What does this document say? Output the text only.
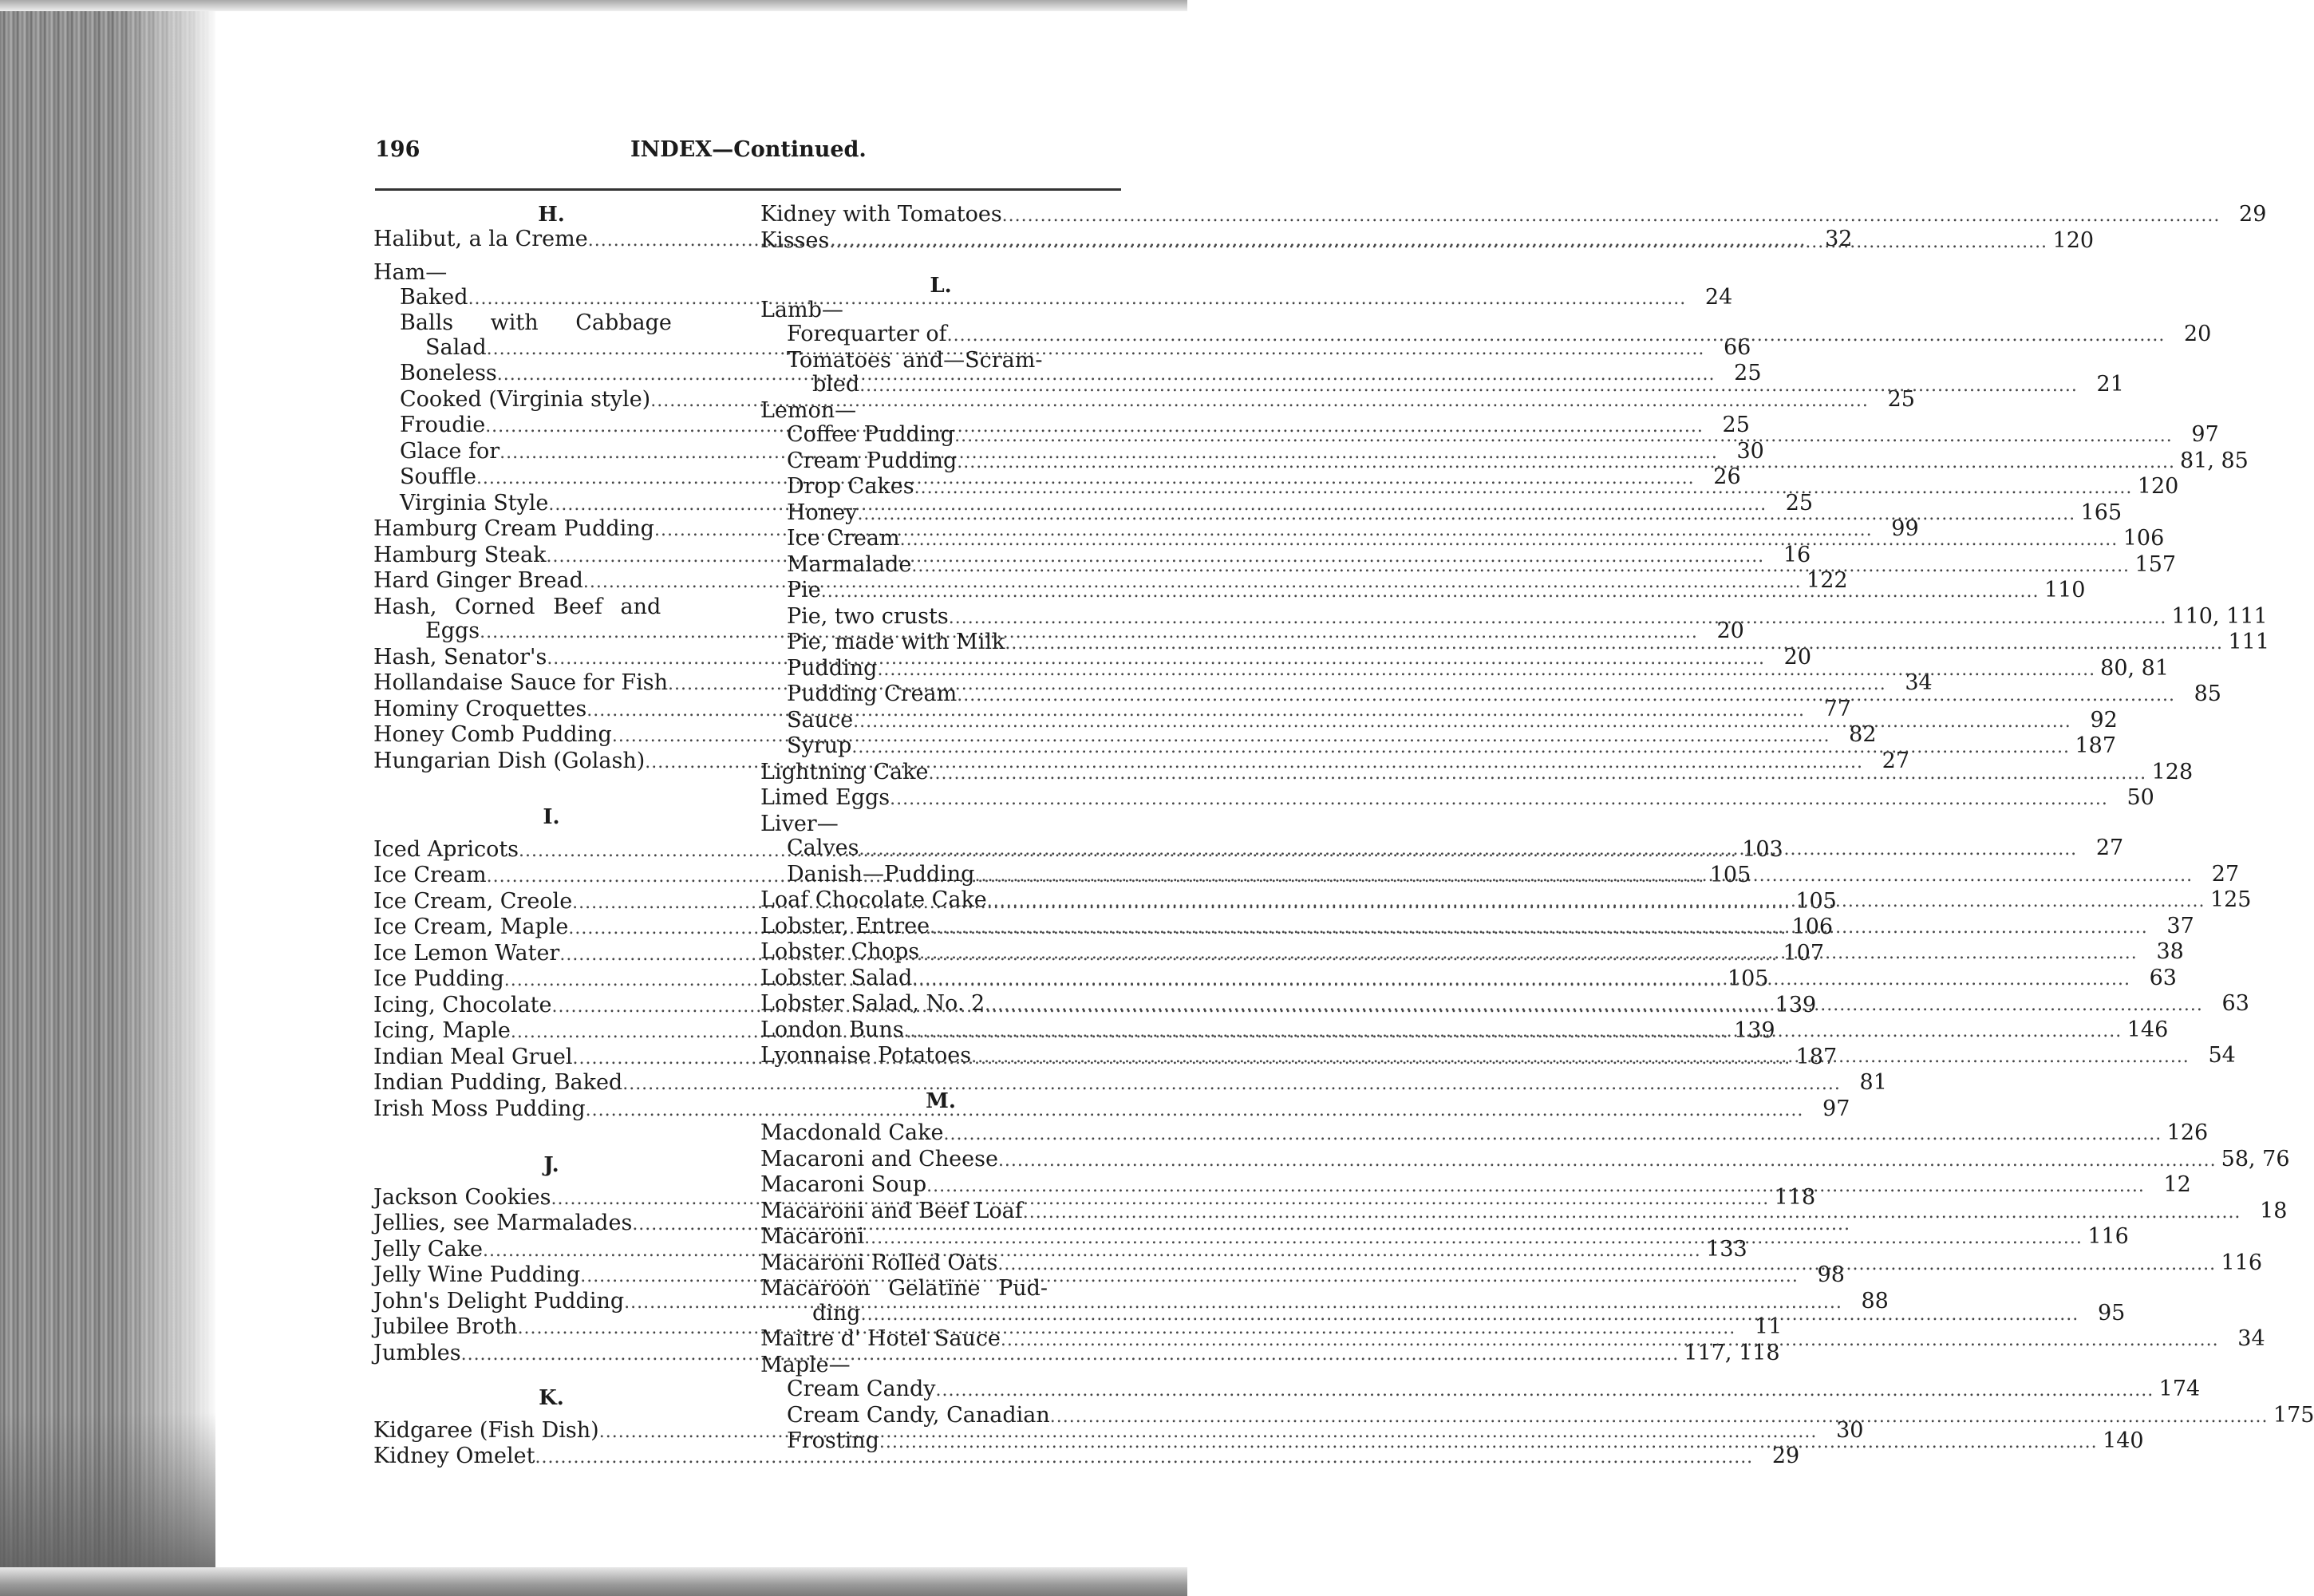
196	INDEX—Continued.
H.
Halibut, a la Creme .....	32
Ham—
Baked .....	24
Balls with Cabbage
Salad .....	66
Boneless .....	25
Cooked (Virginia style) .....	25
Froudie .....	25
Glace for .....	30
Souffle .....	26
Virginia Style .....	25
Hamburg Cream Pudding .....	99
Hamburg Steak .....	16
Hard Ginger Bread .....	122
Hash, Corned Beef and
Eggs .....	20
Hash, Senator's .....	20
Hollandaise Sauce for Fish .....	34
Hominy Croquettes .....	77
Honey Comb Pudding .....	82
Hungarian Dish (Golash) .....	27
I.
Iced Apricots .....	103
Ice Cream .....	105
Ice Cream, Creole .....	105
Ice Cream, Maple .....	106
Ice Lemon Water .....	107
Ice Pudding .....	105
Icing, Chocolate .....	139
Icing, Maple .....	139
Indian Meal Gruel .....	187
Indian Pudding, Baked .....	81
Irish Moss Pudding .....	97
J.
Jackson Cookies .....	118
Jellies, see Marmalades
.....
Jelly Cake .....	133
Jelly Wine Pudding .....	98
John's Delight Pudding .....	88
Jubilee Broth .....	11
Jumbles .....	117, 118
K.
Kidgaree (Fish Dish) .....	30
Kidney Omelet .....	29
Kidney with Tomatoes .....	29
Kisses .....	120
L.
Lamb—
Forequarter of .....	20
Tomatoes and—Scram-
bled .....	21
Lemon—
Coffee Pudding .....	97
Cream Pudding .....	81, 85
Drop Cakes .....	120
Honey .....	165
Ice Cream .....	106
Marmalade .....	157
Pie .....	110
Pie, two crusts .....	110, 111
Pie, made with Milk .....	111
Pudding .....	80, 81
Pudding Cream .....	85
Sauce .....	92
Syrup .....	187
Lightning Cake .....	128
Limed Eggs .....	50
Liver—
Calves .....	27
Danish—Pudding .....	27
Loaf Chocolate Cake .....	125
Lobster, Entree .....	37
Lobster Chops .....	38
Lobster Salad .....	63
Lobster Salad, No. 2 .....	63
London Buns .....	146
Lyonnaise Potatoes .....	54
M.
Macdonald Cake .....	126
Macaroni and Cheese .....	58, 76
Macaroni Soup .....	12
Macaroni and Beef Loaf .....	18
Macaroni .....	116
Macaroni Rolled Oats .....	116
Macaroon Gelatine Pud-
ding .....	95
Maitre d' Hotel Sauce .....	34
Maple—
Cream Candy .....	174
Cream Candy, Canadian .....	175
Frosting .....	140
